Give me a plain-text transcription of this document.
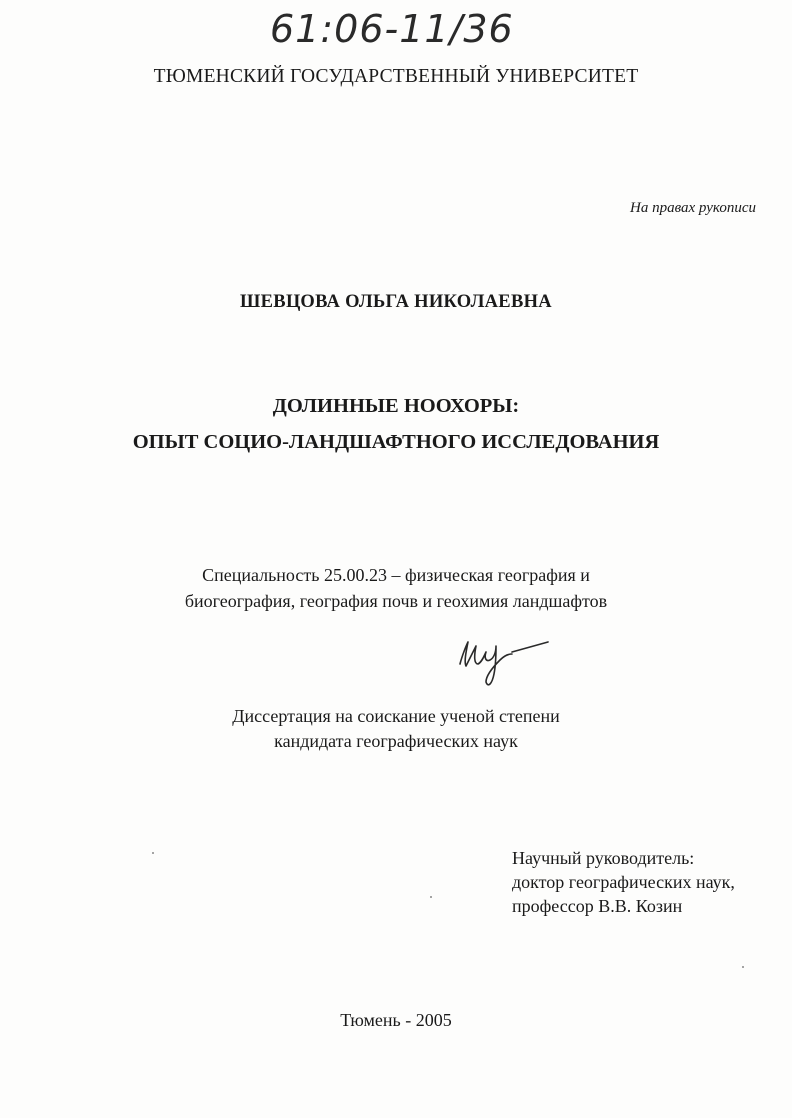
61:06-11/36
ТЮМЕНСКИЙ ГОСУДАРСТВЕННЫЙ УНИВЕРСИТЕТ
На правах рукописи
ШЕВЦОВА ОЛЬГА НИКОЛАЕВНА
ДОЛИННЫЕ НООХОРЫ:
ОПЫТ СОЦИО-ЛАНДШАФТНОГО ИССЛЕДОВАНИЯ
Специальность 25.00.23 – физическая география и
биогеография, география почв и геохимия ландшафтов
Диссертация на соискание ученой степени
кандидата географических наук
Научный руководитель:
доктор географических наук,
профессор В.В. Козин
Тюмень - 2005
